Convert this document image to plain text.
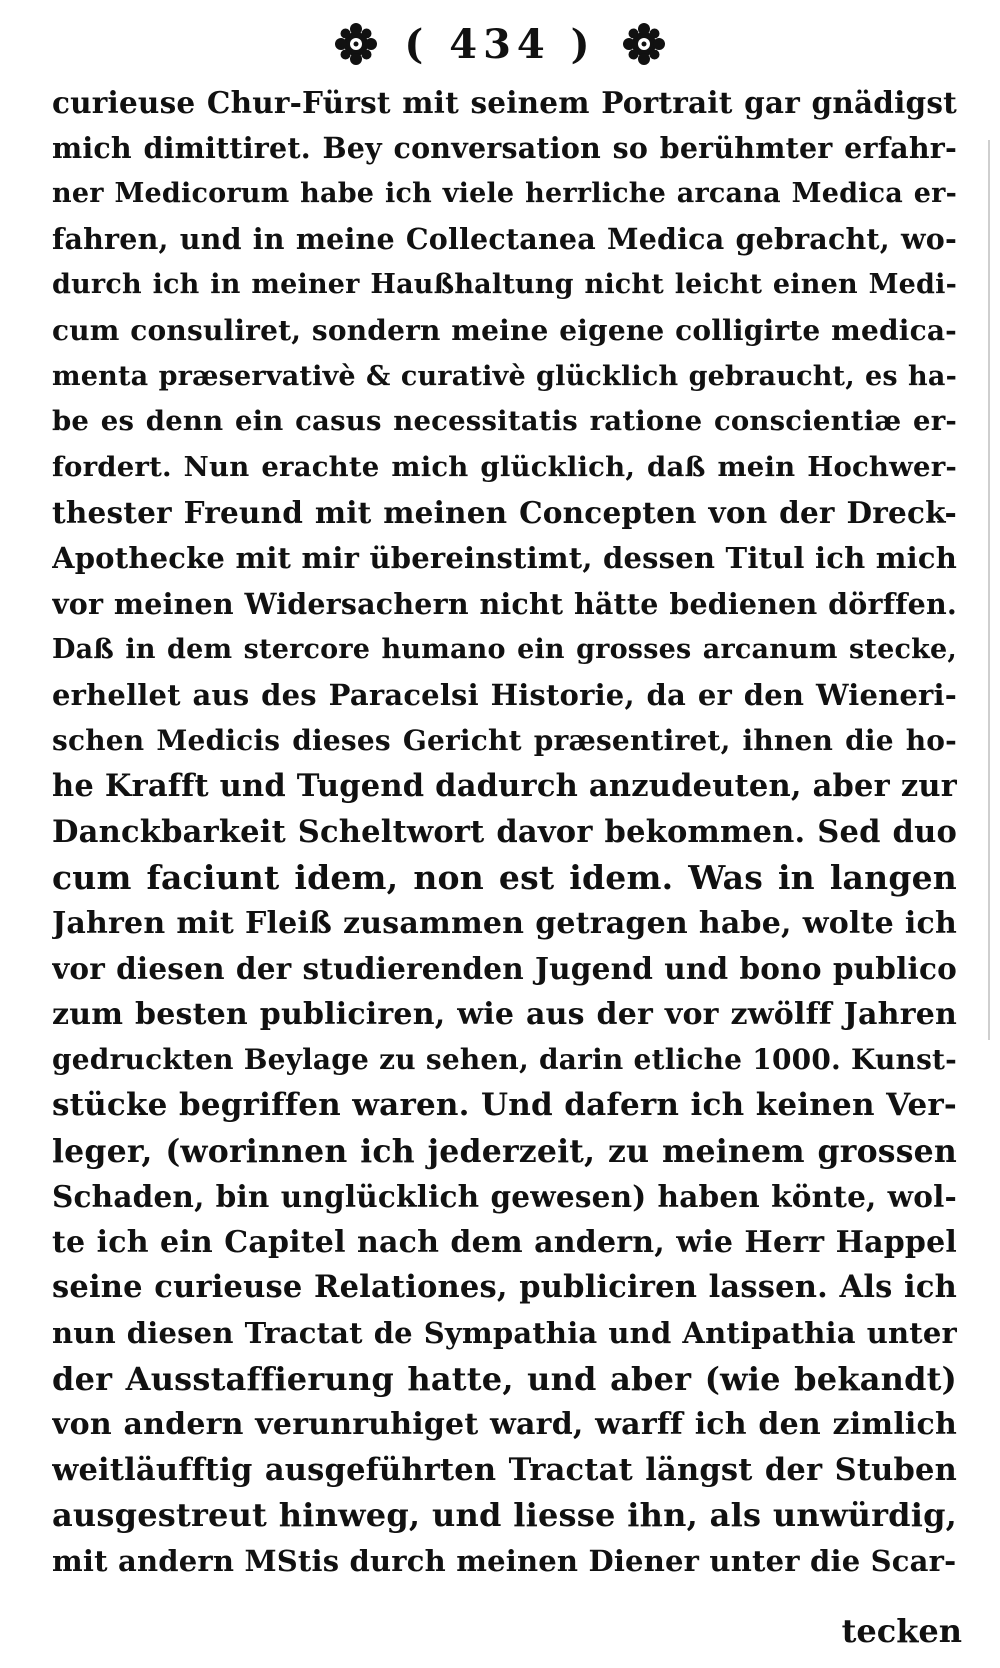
( 434 )
curieuse Chur-Fürst mit seinem Portrait gar gnädigst
mich dimittiret. Bey conversation so berühmter erfahr-
ner Medicorum habe ich viele herrliche arcana Medica er-
fahren, und in meine Collectanea Medica gebracht, wo-
durch ich in meiner Haußhaltung nicht leicht einen Medi-
cum consuliret, sondern meine eigene colligirte medica-
menta præservativè & curativè glücklich gebraucht, es ha-
be es denn ein casus necessitatis ratione conscientiæ er-
fordert. Nun erachte mich glücklich, daß mein Hochwer-
thester Freund mit meinen Concepten von der Dreck-
Apothecke mit mir übereinstimt, dessen Titul ich mich
vor meinen Widersachern nicht hätte bedienen dörffen.
Daß in dem stercore humano ein grosses arcanum stecke,
erhellet aus des Paracelsi Historie, da er den Wieneri-
schen Medicis dieses Gericht præsentiret, ihnen die ho-
he Krafft und Tugend dadurch anzudeuten, aber zur
Danckbarkeit Scheltwort davor bekommen. Sed duo
cum faciunt idem, non est idem. Was in langen
Jahren mit Fleiß zusammen getragen habe, wolte ich
vor diesen der studierenden Jugend und bono publico
zum besten publiciren, wie aus der vor zwölff Jahren
gedruckten Beylage zu sehen, darin etliche 1000. Kunst-
stücke begriffen waren. Und dafern ich keinen Ver-
leger, (worinnen ich jederzeit, zu meinem grossen
Schaden, bin unglücklich gewesen) haben könte, wol-
te ich ein Capitel nach dem andern, wie Herr Happel
seine curieuse Relationes, publiciren lassen. Als ich
nun diesen Tractat de Sympathia und Antipathia unter
der Ausstaffierung hatte, und aber (wie bekandt)
von andern verunruhiget ward, warff ich den zimlich
weitläufftig ausgeführten Tractat längst der Stuben
ausgestreut hinweg, und liesse ihn, als unwürdig,
mit andern MStis durch meinen Diener unter die Scar-
tecken
